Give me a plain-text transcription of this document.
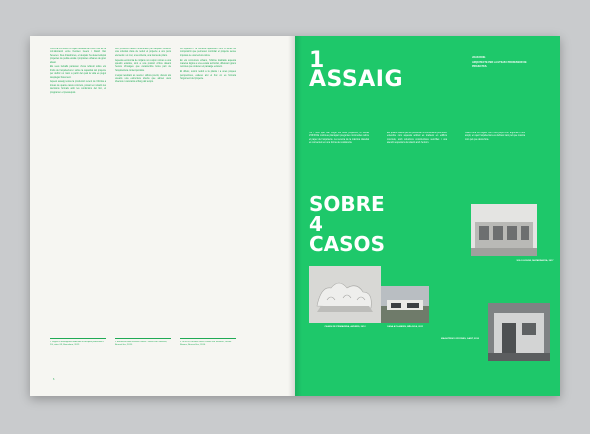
OFFICE va néixer a mitjan dècada del 2000 fruit de la col·laboració entre Kersten Geers i David Van Severen. Des d'aleshores, el despatx ha desenvolupat projectes de petita escala i propostes urbanes de gran abast.

Els seus treballs parteixen d'una reflexió sobre els límits de l'arquitectura i sobre la capacitat del projecte per definir un marc a partir del qual la vida es pugui desplegar lliurement.

Aquest assaig revisa la producció recent de l'oficina a través de quatre casos concrets, posant en relació les decisions formals amb les condicions del lloc, el programa i el pressupost.

Les primeres cases construïdes pel despatx mostren una voluntat clara de reduir el projecte a uns pocs elements: un mur, una coberta, una trama de pilars.

Aquesta economia de mitjans no respon només a una qüestió estètica, sinó a una posició crítica davant l'excés d'imatges que caracteritza bona part de l'arquitectura contemporània.

L'espai resultant és neutre i alhora precís; ofereix als usuaris una estructura oberta que admet usos diversos i canviants al llarg del temps.

La repetició i la simetria apareixen com a eines de composició que permeten controlar el projecte sense imposar-ne una lectura única.

En els concursos urbans, l'oficina trasllada aquesta mateixa lògica a una escala territorial, dibuixant grans recintes que ordenen el paisatge existent.

El dibuix, sovint reduït a la planta i a unes poques perspectives, esdevé així el lloc on es formula l'argument del projecte.

1 Vegeu la monografia dedicada al despatx publicada a 2G, núm. 63, Barcelona, 2012.
2 Entrevista amb Kersten Geers i David Van Severen, Brussel·les, 2013.
3 OFFICE Kersten Geers David Van Severen, Seven Rooms, Brussel·les, 2010.
6
1
ASSAIG
JOAN ROIG
ARQUITECTE PER LA ETSAB I PROFESSOR DE PROJECTES.
Tot i l'èxit que han tingut els seus projectes, el treball d'OFFICE continua plantejant preguntes incòmodes sobre el paper de l'arquitecte. La recerca de la màxima claredat es converteix en una forma de resistència.
Els quatre casos que es presenten a continuació permeten entendre com aquesta actitud es tradueix en edificis concrets, amb solucions constructives senzilles i una atenció especial a la relació amb l'entorn.
Cada obra es llegeix com una peça d'un argument més ampli, en què l'arquitectura es defineix tant pel que mostra com pel que deixa fora.
SOBRE
4
CASOS
CASES DE PRIMAVERA, ANVERS, 2012	CASA A FLANDES, BÈLGICA, 2011
SOLO HOUSE, MATARRANYA, 2017
MAGATZEM I OFICINES, GANT, 2010
